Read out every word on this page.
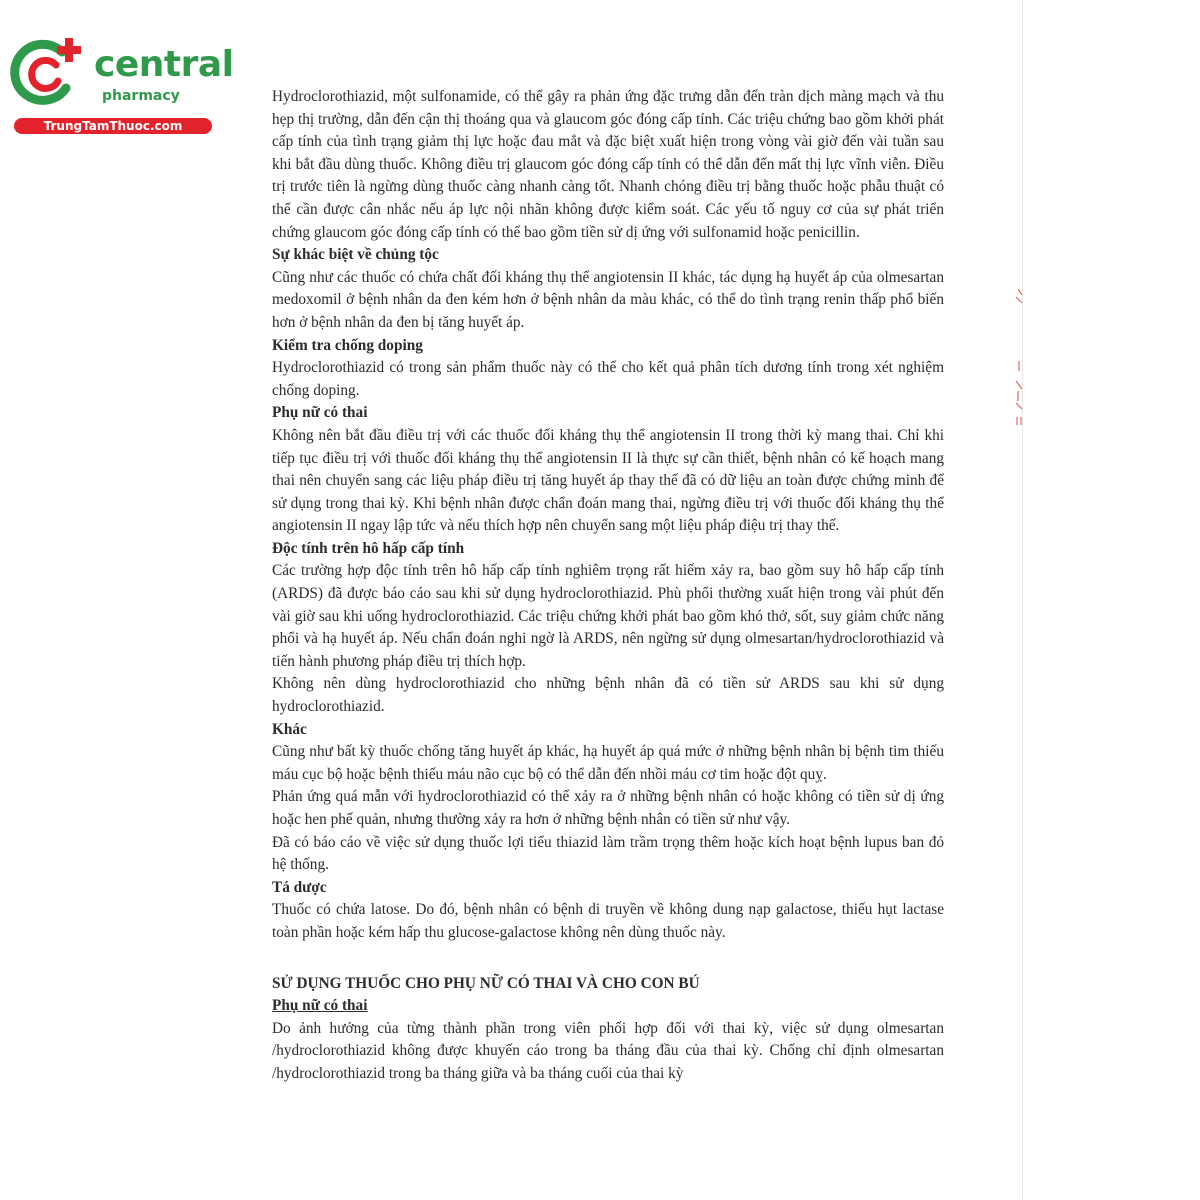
central
pharmacy
TrungTamThuoc.com

Hydroclorothiazid, một sulfonamide, có thể gây ra phản ứng đặc trưng dẫn đến tràn dịch màng mạch và thu hẹp thị trường, dẫn đến cận thị thoáng qua và glaucom góc đóng cấp tính. Các triệu chứng bao gồm khởi phát cấp tính của tình trạng giảm thị lực hoặc đau mắt và đặc biệt xuất hiện trong vòng vài giờ đến vài tuần sau khi bắt đầu dùng thuốc. Không điều trị glaucom góc đóng cấp tính có thể dẫn đến mất thị lực vĩnh viễn. Điều trị trước tiên là ngừng dùng thuốc càng nhanh càng tốt. Nhanh chóng điều trị bằng thuốc hoặc phẫu thuật có thể cần được cân nhắc nếu áp lực nội nhãn không được kiểm soát. Các yếu tố nguy cơ của sự phát triển chứng glaucom góc đóng cấp tính có thể bao gồm tiền sử dị ứng với sulfonamid hoặc penicillin.

Sự khác biệt về chủng tộc

Cũng như các thuốc có chứa chất đối kháng thụ thể angiotensin II khác, tác dụng hạ huyết áp của olmesartan medoxomil ở bệnh nhân da đen kém hơn ở bệnh nhân da màu khác, có thể do tình trạng renin thấp phổ biến hơn ở bệnh nhân da đen bị tăng huyết áp.

Kiểm tra chống doping

Hydroclorothiazid có trong sản phẩm thuốc này có thể cho kết quả phân tích dương tính trong xét nghiệm chống doping.

Phụ nữ có thai

Không nên bắt đầu điều trị với các thuốc đối kháng thụ thể angiotensin II trong thời kỳ mang thai. Chỉ khi tiếp tục điều trị với thuốc đối kháng thụ thể angiotensin II là thực sự cần thiết, bệnh nhân có kế hoạch mang thai nên chuyển sang các liệu pháp điều trị tăng huyết áp thay thế đã có dữ liệu an toàn được chứng minh để sử dụng trong thai kỳ. Khi bệnh nhân được chẩn đoán mang thai, ngừng điều trị với thuốc đối kháng thụ thể angiotensin II ngay lập tức và nếu thích hợp nên chuyển sang một liệu pháp điệu trị thay thế.

Độc tính trên hô hấp cấp tính

Các trường hợp độc tính trên hô hấp cấp tính nghiêm trọng rất hiếm xảy ra, bao gồm suy hô hấp cấp tính (ARDS) đã được báo cáo sau khi sử dụng hydroclorothiazid. Phù phổi thường xuất hiện trong vài phút đến vài giờ sau khi uống hydroclorothiazid. Các triệu chứng khởi phát bao gồm khó thở, sốt, suy giảm chức năng phổi và hạ huyết áp. Nếu chẩn đoán nghi ngờ là ARDS, nên ngừng sử dụng olmesartan/hydroclorothiazid và tiến hành phương pháp điều trị thích hợp.

Không nên dùng hydroclorothiazid cho những bệnh nhân đã có tiền sử ARDS sau khi sử dụng hydroclorothiazid.

Khác

Cũng như bất kỳ thuốc chống tăng huyết áp khác, hạ huyết áp quá mức ở những bệnh nhân bị bệnh tim thiếu máu cục bộ hoặc bệnh thiếu máu não cục bộ có thể dẫn đến nhồi máu cơ tim hoặc đột quỵ.

Phản ứng quá mẫn với hydroclorothiazid có thể xảy ra ở những bệnh nhân có hoặc không có tiền sử dị ứng hoặc hen phế quản, nhưng thường xảy ra hơn ở những bệnh nhân có tiền sử như vậy.

Đã có báo cáo về việc sử dụng thuốc lợi tiểu thiazid làm trầm trọng thêm hoặc kích hoạt bệnh lupus ban đỏ hệ thống.

Tá dược

Thuốc có chứa latose. Do đó, bệnh nhân có bệnh di truyền về không dung nạp galactose, thiếu hụt lactase toàn phần hoặc kém hấp thu glucose-galactose không nên dùng thuốc này.

SỬ DỤNG THUỐC CHO PHỤ NỮ CÓ THAI VÀ CHO CON BÚ

Phụ nữ có thai

Do ảnh hưởng của từng thành phần trong viên phối hợp đối với thai kỳ, việc sử dụng olmesartan /hydroclorothiazid không được khuyến cáo trong ba tháng đầu của thai kỳ. Chống chỉ định olmesartan /hydroclorothiazid trong ba tháng giữa và ba tháng cuối của thai kỳ
